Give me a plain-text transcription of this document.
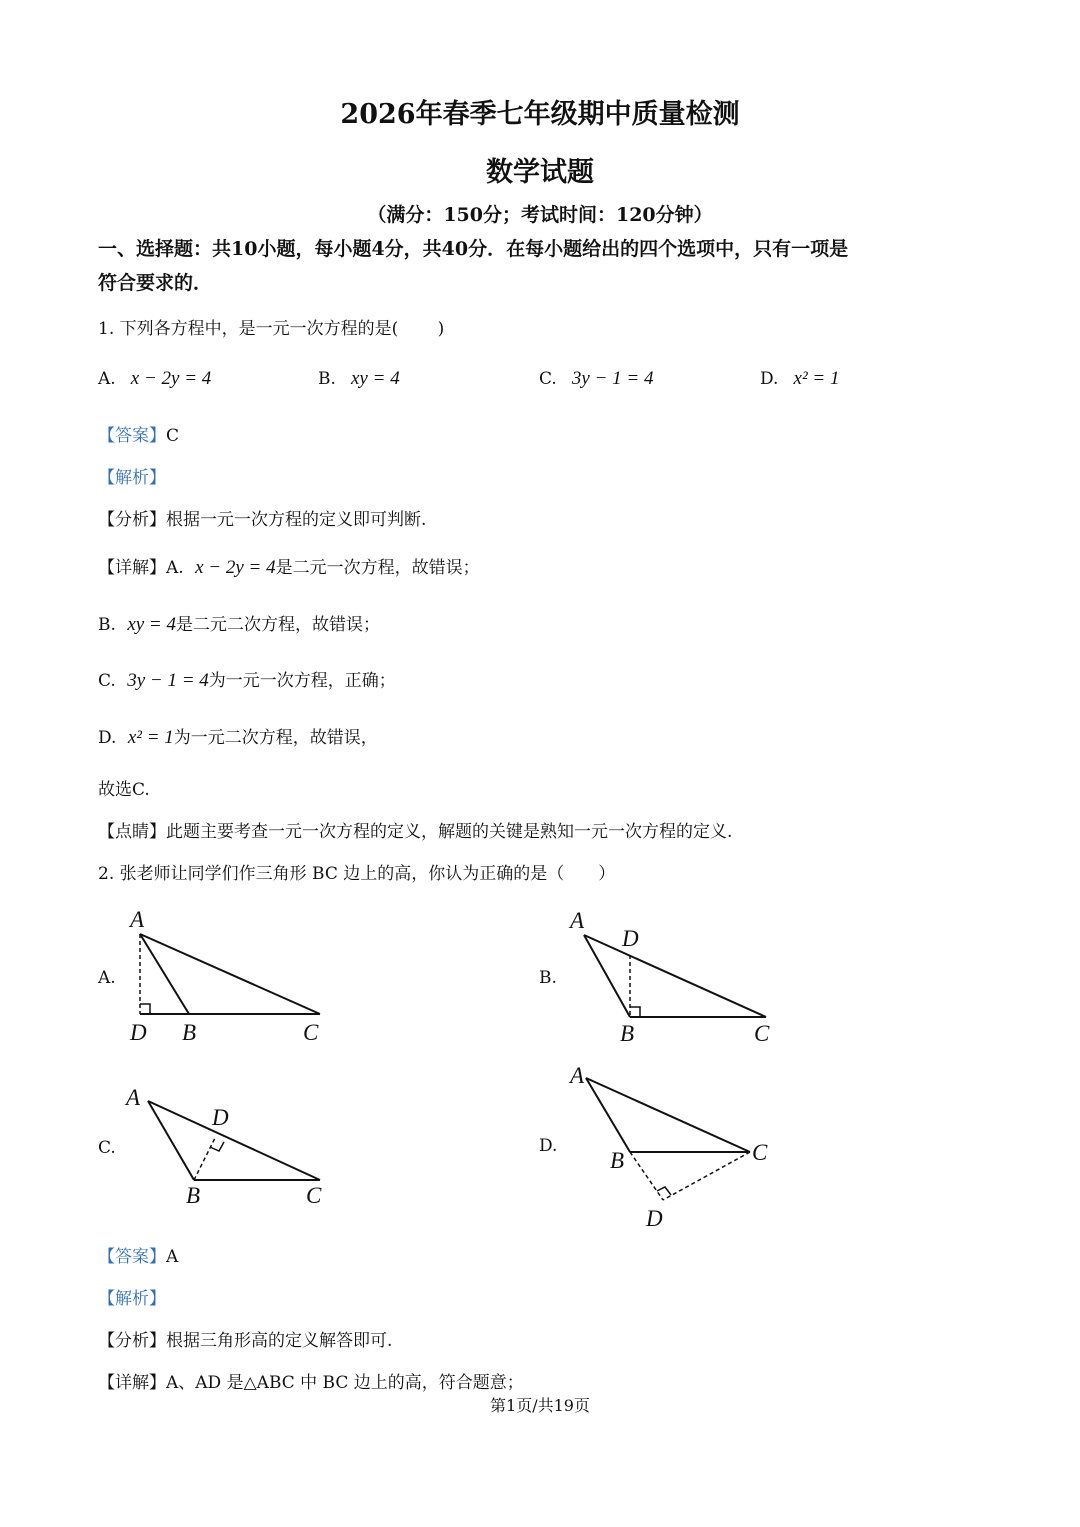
2026年春季七年级期中质量检测
数学试题
（满分：150分；考试时间：120分钟）
一、选择题：共10小题，每小题4分，共40分．在每小题给出的四个选项中，只有一项是
符合要求的．
1. 下列各方程中，是一元一次方程的是(　　 )
A. x − 2y = 4	B. xy = 4	C. 3y − 1 = 4	D. x² = 1
【答案】C
【解析】
【分析】根据一元一次方程的定义即可判断.
【详解】A. x − 2y = 4是二元一次方程，故错误；
B. xy = 4是二元二次方程，故错误；
C. 3y − 1 = 4为一元一次方程，正确；
D. x² = 1为一元二次方程，故错误，
故选C.
【点睛】此题主要考查一元一次方程的定义，解题的关键是熟知一元一次方程的定义.
2. 张老师让同学们作三角形 BC 边上的高，你认为正确的是（　　）
A.
A
D B	C
B.
A
D
B	C
C.
A
D
B	C
D.
A
B	C
D
【答案】A
【解析】
【分析】根据三角形高的定义解答即可.
【详解】A、AD 是△ABC 中 BC 边上的高，符合题意；
第1页/共19页
